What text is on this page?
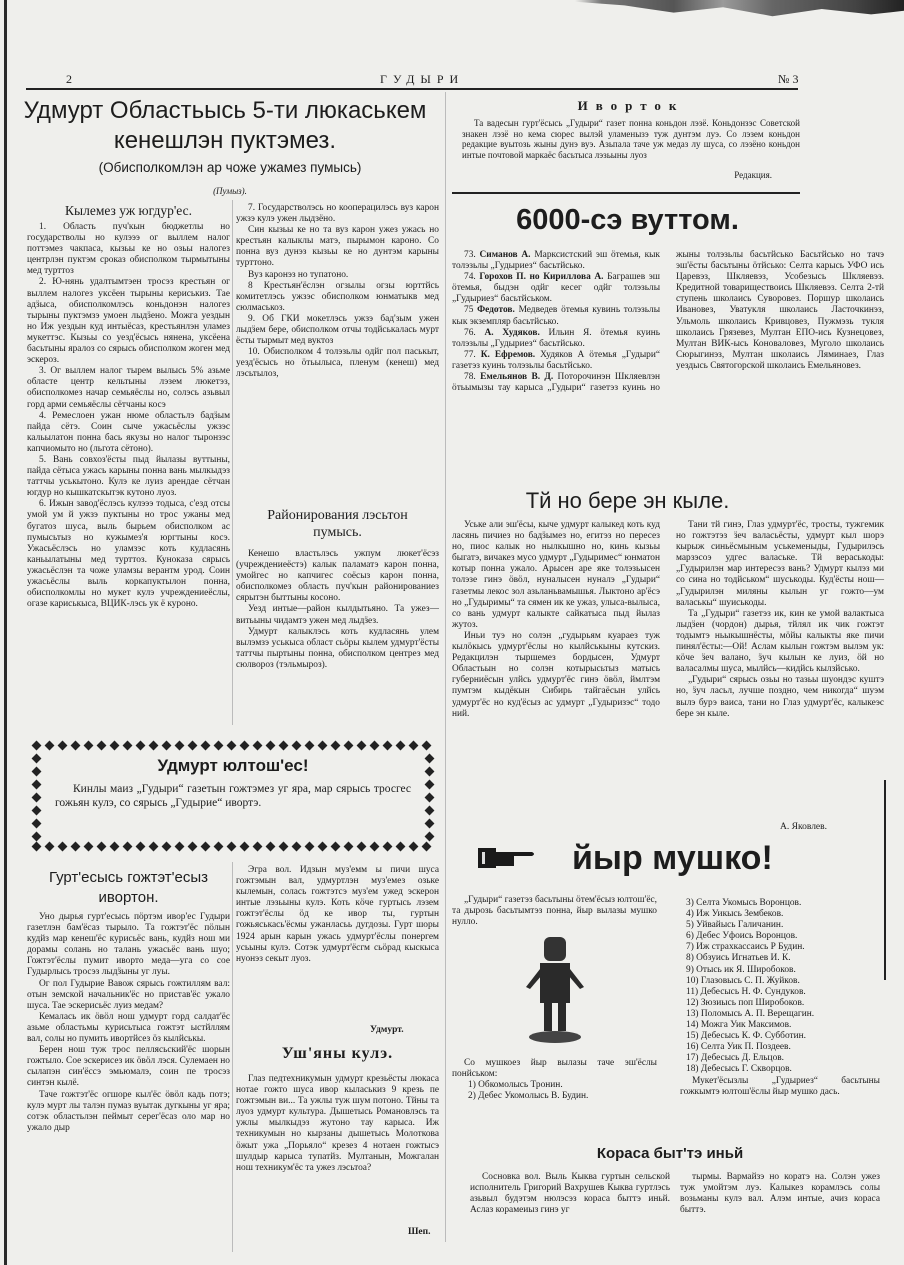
2	ГУДЫРИ	№ 3
Удмурт Областьысь 5-ти люкаськем кенешлэн пуктэмез.
(Обисполкомлэн ар чоже ужамез пумысь)
(Пумыз).
Кылемез уж югдур'ес.

1. Область пуч'кын бюджетлы но государстволы но кулэээ ог выллем налог поттэмез чакпаса, кызьы ке но озьы налогез центрлэн пуктэм сроказ обисполком тырмытыны мед турттоз

2. Ю-нянь удалтымтэен тросэз крестьян ог выллем налогез укcёен тырыны кериськиз. Тае адӟыса, обисполкомлэсь коньдонэн налогез тырыны пуктэмзэ умоен лыдӟено. Можга уездын но Иж уездын куд интыёсаз, крестьянлэн уламез мукеттэс. Кызьы со уезд'ёсысь нянена, укcёена басьтыны яралоз со сярысь обисполком жоген мед эскероз.

3. Ог выллем налог тырем вылысь 5% азьмe областe центр кельтыны лэзем люкетэз, обисполкомез начар семьяёслы но, солэсь азьвыл горд арми семьяёслы сётчаны косэ

4. Ремеслоен ужан нюмe областьлэ бадӟым пайда сётэ. Соин сыче ужасьёслы ужзэс кальылатон понна бась якузы но налог тыронзэс капчиомыто но (льгота сётоно).

5. Вань совхоз'ёсты пыд йылазы вуттыны, пайда сётыса ужась карыны понна вань мылкыдэз таттчы уськытоно. Кулэ ке луиз арендае сётчан югдур но кышкатскытэк кутоно луоз.

6. Ижын завод'ёслэсь кулэээ тодыса, с'езд отсы умой ум й ужзэ пуктыны но трос ужаны мед бугатоз шуса, выль бырьем обисполком ас пумысьтыз но кужымез'я юргтыны косэ. Ужасьёслэсь но уламзэс коть кудласянь каньылатыны мед турттоз. Куноказа сярысь ужасьёслэн та чоже уламзы верантм урод. Соин ужасьёслы выль коркапуктылон понна, обисполкомлы но мукет кулэ учреждениеёслы, огазе кариськыса, ВЦИК-лэсь ук ё куроно.

7. Государстволэсь но кооперацилэсь вуз карон ужзэ кулэ ужен лыдзёно.

Син кызьы ке но та вуз карон ужез ужась но крестьян калыклы матэ, пырымон кароно. Со понна вуз дунэз кызьы ке но дунтэм карыны турттоно.

Вуз каронэз но тупатоно.

8 Крестьян'ёслэн огзылы огзы юрттйсь комитетлэсь ужзэс обисполком юнматыкв мед сюлмаськоз.

9. Об ГКИ мокетлэсь ужзэ бад'зым ужен лыдӟем бере, обисполком отчы тодйськалась мурт ёсты тырмыт мед вуктоз

10. Обисполком 4 толэзьлы одйг пол паськыт, уезд'ёсысь но ӧтьылыса, пленум (кенеш) мед лэсьтылоз,

Районирования лэсьтон пумысь.

Кенешо властьлэсь ужпум люкет'ёсэз (учреждениеёстэ) калык паламатэ карон понна, умойгес но капчигес соёсыз карон понна, обисполкомез область пуч'кын районированиез сярытэн быттыны косоно.

Уезд интые—район кылдытьяно. Та ужез—витьыны чидамтэ ужен мед лыдӟез.

Удмурт калыклэсь коть кудласянь улем вылэмзэ уськыса област сьӧры кылем удмурт'ёсты таттчы пыртыны понна, обисполком центрез мед сюлвороз (тэльмыроз).

Иворток

Та вадесын гурт'ёсысь „Гудыри“ газет понна коньдон лэзё. Коньдонзэс Советской знакен лэзё но кема сюрес вылэй уламенызэ туж дунтэм луэ. Со лэзем коньдон редакцие вуытозь жыны дунэ вуэ. Азьпала тачe уж медаз лу шуса, со лэзёно коньдон интые почтовой маркаёс басьтыса лэзьыны луоз

Редакция.
6000-сэ вуттом.

73. Симанов А. Марксистский эш ӧтемья, кык толэзьлы „Гудыриез“ басьтйсько.

74. Горохов П. но Кириллова А. Баграшев эш ӧтемья, быдэн одйг кесег одйг толэзьлы „Гудыриез“ басьтйськом.

75 Федотов. Медведев ӧтемья кувинь толэзьлы кык экземпляр басьтйсько.

76. А. Худяков. Ильин Я. ӧтемья куинь толэзьлы „Гудыриез“ басьтйсько.

77. К. Ефремов. Худяков А ӧтемья „Гудыри“ газетэз куинь толэзьлы басьтйсько.

78. Емельянов В. Д. Поторочинэн Шкляевлэн ӧтьымызы тау карыса „Гудыри“ газетэз куинь но жыны толэзьлы басьтйсько Басьтйсько но тачэ эш'ёсты басьтыны ӧтйсько: Селта карысь УФО ись Царевэз, Шкляевэз, Усобезысь Шкляевэз. Кредитной товариществоись Шкляевэз. Селта 2-тй ступень школаись Суворовез. Поршур школаись Ивановез, Уватукля школаись Ласточкинэз, Ульмоль школаись Кривцовез, Пужмэзь тукля школаись Грязевез, Мултан ЕПО-ись Кузнецовез, Мултан ВИК-ысь Коноваловез, Муголо школаись Сюрыгинэз, Мултан школаись Ляминаез, Глаз уездысь Святогорской школаись Емельяновез.

Тй но бере эн кыле.

Уське али эш'ёсы, кыче удмурт калыкед коть куд ласянь пичиез но бадӟымез но, егитэз но пересез но, пиос калык но нылкышно но, кинь кызьы быгатэ, вичакез мусо удмурт „Гудыримес“ юнматон котыр понна ужало. Арысен аре яке толэзьысен толэзе гинэ ӧвӧл, нуналысен нуналэ „Гудыри“ газетмы лекос зол азьланьвамышья. Лыктоно ар'ёсэ но „Гудыримы“ та сямен ик ке ужаз, улыса-вылыса, со вань удмурт калыкте сайкатыса пыд йылаз жутоз.

Иньи туэ но солэн „гудырьям куараез туж кылӧкысь удмурт'ёслы но кылйськыны кутскиз. Редакцилэн тыршемез бордысен, Удмурт Областьын но солэн котырысьтыз матысь губерниёсын улйсь удмурт'ёс гинэ ӧвӧл, ймлтэм пумтэм кыдёкын Сибирь тайгаёсын улйсь удмурт'ёс но куд'ёсыз ас удмурт „Гудыризэс“ тодо ний.

Тани тй гинэ, Глаз удмурт'ёс, тросты, тужгемик но гожтэтэз ӟеч валасьёсты, удмурт кыл шорэ кырыж синьёсмыным уськеменыды, Гудырилэсь марзэсоэ удгес валаське. Тй вераськоды: „Гудырилэн мар интересэз вань? Удмурт кылэз ми со сина но тодйськом“ шуськоды. Куд'ёсты нош—„Гудырилэн миляны кылын уг гожто—ум валаськы“ шуиськоды.

Та „Гудыри“ газетэз ик, кин ке умой валактыса лыдӟен (чордон) дырья, тйлял ик чик гожтэт тодымтэ ньыкышнёсты, мӧйы калыкты яке пичи пинял'ёсты:—Ой! Аслам кылын гожтэм вылэм ук: кӧче ӟеч валано, ӟуч кылын ке луиз, ӧй но валасалмы шуса, мылйсь—кидйсь кылзйсько.

„Гудыри“ сярысь озьы но тазьы шуондэс куштэ но, ӟуч ласьл, лучше поздно, чем никогда“ шуэм вылэ бурэ ваиса, тани но Глаз удмурт'ёс, калыкеэс бере эн кыле.

А. Яковлев.
Удмурт юлтош'ес!
Кинлы маиз „Гудыри“ газетын гожтэмез уг яра, мар сярысь тросгес гожьян кулэ, со сярысь „Гудырие“ ивортэ.
Гурт'есысь гожтэт'есыз ивортон.

Уно дырья гурт'есысь пӧртэм ивор'ес Гудыри газетлэн бам'ёсаз тырыло. Та гожтэт'ёс пӧлын кудйз мар кенеш'ёс курисьёс вань, кудйз нош ми дорамы солань но талань ужасьёс вань шуо; Гожтэт'ёслы пумит иворто меда—уга со сое Гудырлысь тросэз лыдӟыны уг луы.

Ог пол Гудырие Вавож сярысь гожтиллям вал: отын земской начальник'ёс но пристав'ёс ужало шуса. Тае эскерисьёс луиз медам?

Кемалась ик ӧвӧл нош удмурт горд салдат'ёс азьмe областьмы курисьтыса гожтэт ыстйллям вал, солы но пумить ивортйсез ӧз кылйськы.

Берен нош туж трос пеллясьский'ёс шорын гожтыло. Сое эскерисез ик ӧвӧл лэся. Сулемаен но сылапэн син'ёссэ эмьюмалэ, соин пе тросэз синтэн кылё.

Тачe гожтэт'ёс огшоре кыл'ёс ӧвӧл кадь потэ; кулэ мурт лы талэн пумаз вуытак дугкыны уг яра; сотэк областьлэн пеймыт серег'ёсаз оло мар но ужало дыр

Эгра вол. Идзын муз'емм ы пичи шуса гожтэмын вал, удмуртлэн муз'емез озьке кылемын, солась гожтэтсэ муз'ем ужед эскерон интые лэзьыны кулэ. Коть кӧче гуртысь лэзем гожтэт'ёслы ӧд ке ивор ты, гуртын гожьяськась'ёсмы ужанласьь дугдозы. Гурт шоры 1924 арын карын ужась удмурт'ёслы понергем усьыны кулэ. Сотэк удмурт'ёсгм сьӧрад кыскыса нуонэз секыт луоз.

Удмурт.
Уш'яны кулэ.

Глаз педтехникумын удмурт крезьёсты люкаса нотае гожто шуса ивор кыласькиз 9 крезь пе гожтэмын ви... Та ужлы туж шум потоно. Тйны та луоз удмурт культура. Дышетысь Романовлэсь та ужлы мылкыдэз жутоно тау карыса. Иж техникумын но кырзаны дышетысь Молоткова ӧжыт ужа „Порьяло“ крезез 4 нотаен гожтысэ шулдыр карыса тупатйз. Мултанын, Можгалан нош техникум'ёс та ужез лэсьтоа?

Шеп.
йыр мушко!

„Гудыри“ газетэз басьтыны ӧтем'ёсыз юлтош'ёс, та дырозь басьтымтэз понна, йыр вылазы мушко нулло.

Со мушкоез йыр вылазы тачe эш'ёслы понйськом:

1) Обкомолысь Тронин.
2) Дебес Укомолысь В. Будин.
3) Селта Укомысь Воронцов.
4) Иж Уикысь Зембеков.
5) Уйвайысь Галичанин.
6) Дебес Уфоись Воронцов.
7) Иж страхкассаись Р Будин.
8) Обзуись Игнатьев И. К.
9) Отысь ик Я. Широбоков.
10) Глазовысь С. П. Жуйков.
11) Дебесысь Н. Ф. Сундуков.
12) Зюзиысь поп Широбоков.
13) Поломысь А. П. Верещагин.
14) Можга Уик Максимов.
15) Дебесысь К. Ф. Субботин.
16) Селта Уик П. Поздеев.
17) Дебесысь Д. Ельцов.
18) Дебесысь Г. Скворцов.

Мукет'ёсызлы „Гудыриез“ басьтыны гожкымтэ юлтош'ёслы йыр мушко дась.

Кораса быт'тэ иньй

Сосновка вол. Выль Кыква гуртын сельской исполнитель Григорий Вахрушев Кыква гуртлэсь азьвыл будэтэм нюлэсэз кораса быттэ иньй. Аслаз корамеиыз гинэ уг

тырмы. Вармайзэ но коратэ на. Солэн ужез туж умойтэм луэ. Калыкез корамлэсь солы возьманы кулэ вал. Алэм интые, ачиз кораса быттэ.
